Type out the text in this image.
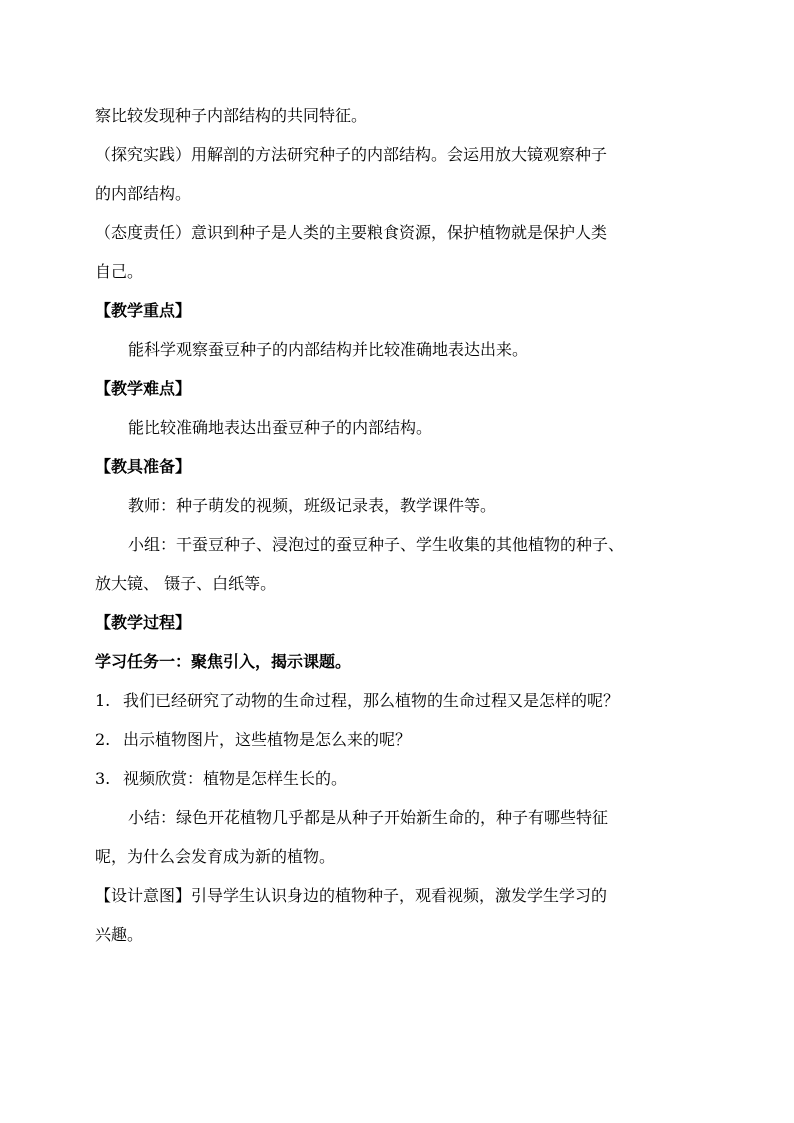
察比较发现种子内部结构的共同特征。
（探究实践）用解剖的方法研究种子的内部结构。会运用放大镜观察种子
的内部结构。
（态度责任）意识到种子是人类的主要粮食资源，保护植物就是保护人类
自己。
【教学重点】
能科学观察蚕豆种子的内部结构并比较准确地表达出来。
【教学难点】
能比较准确地表达出蚕豆种子的内部结构。
【教具准备】
教师：种子萌发的视频，班级记录表，教学课件等。
小组：干蚕豆种子、浸泡过的蚕豆种子、学生收集的其他植物的种子、
放大镜、 镊子、白纸等。
【教学过程】
学习任务一：聚焦引入，揭示课题。
1. 我们已经研究了动物的生命过程，那么植物的生命过程又是怎样的呢？
2. 出示植物图片，这些植物是怎么来的呢？
3. 视频欣赏：植物是怎样生长的。
小结：绿色开花植物几乎都是从种子开始新生命的，种子有哪些特征
呢，为什么会发育成为新的植物。
【设计意图】引导学生认识身边的植物种子，观看视频，激发学生学习的
兴趣。
